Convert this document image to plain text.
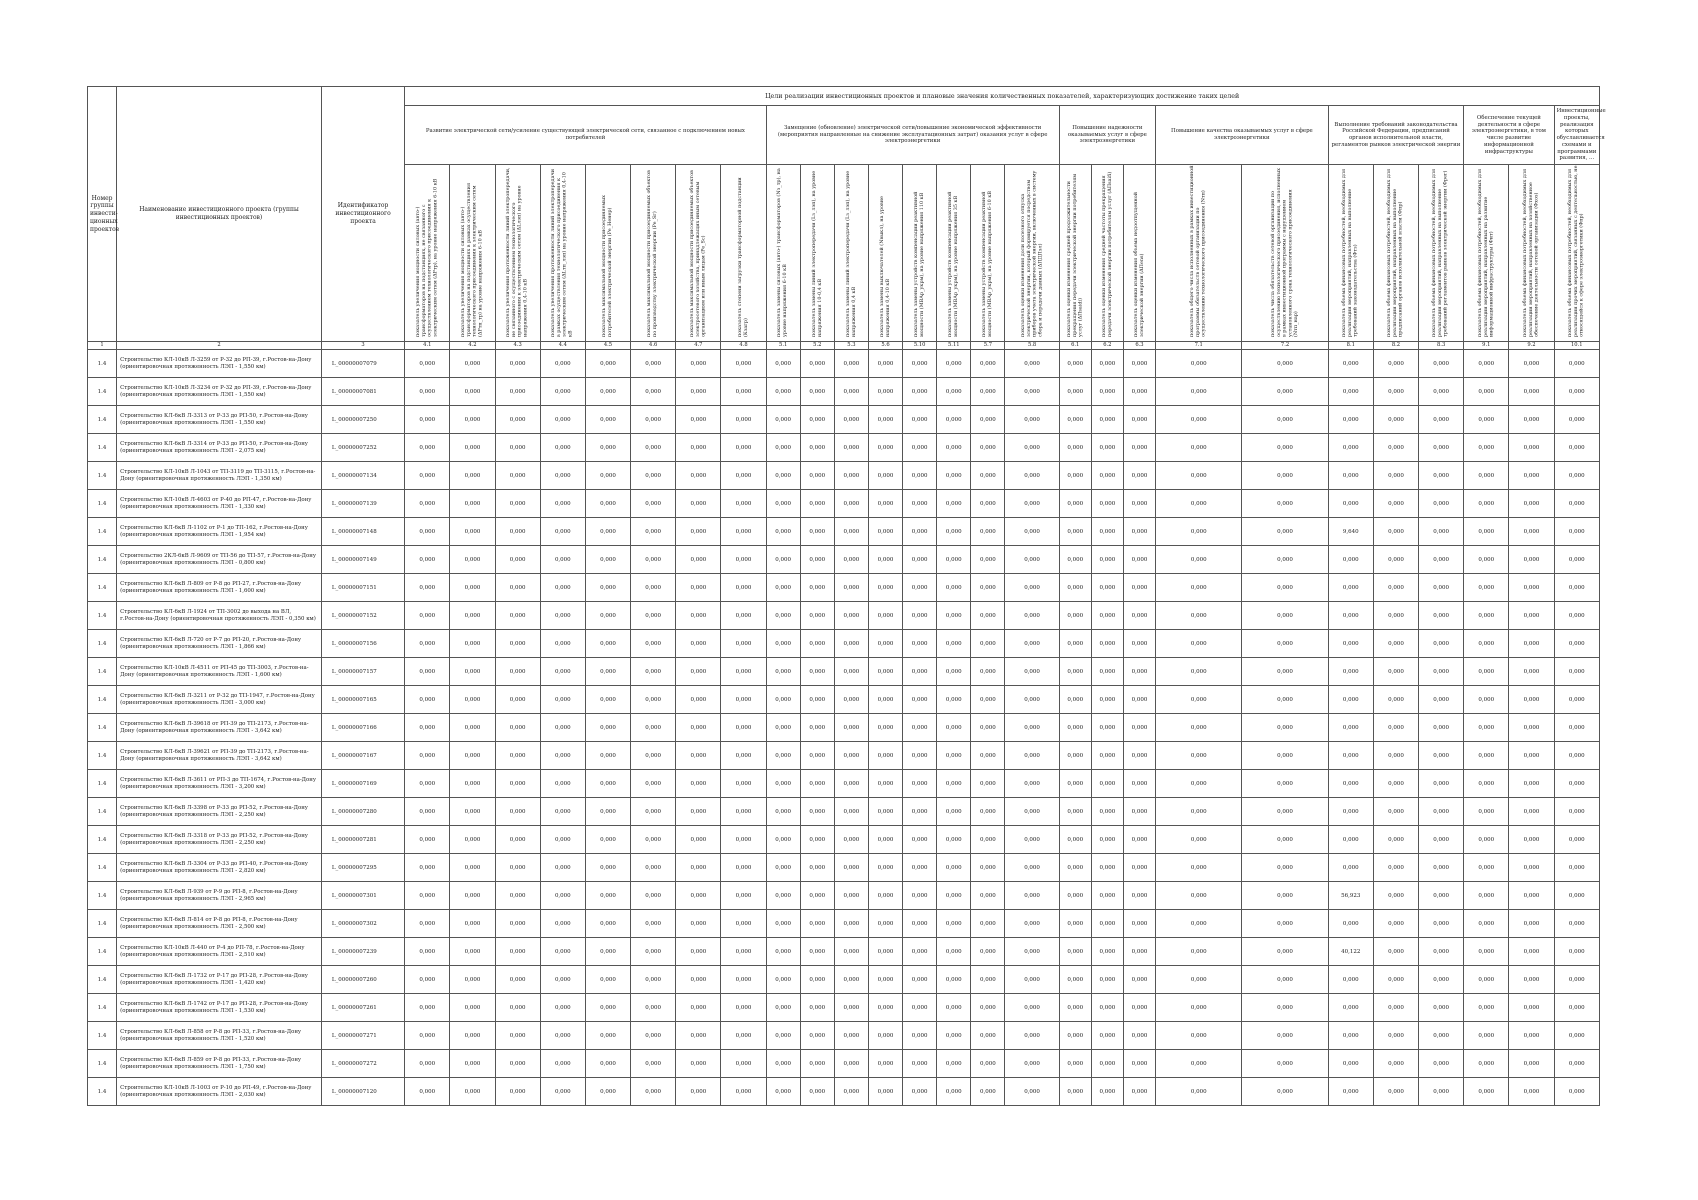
Номер группы инвести-ционных проектов	Наименование инвестиционного проекта (группы инвестиционных проектов)	Идентификатор инвестиционного проекта	Цели реализации инвестиционных проектов и плановые значения количественных показателей, характеризующих достижение таких целей																										
			Развитие электрической сети/усиление существующей электрической сети, связанное с подключением новых потребителей								Замещение (обновление) электрической сети/повышение экономической эффективности (мероприятия направленные на снижение эксплуатационных затрат) оказания услуг в сфере электроэнергетики								Повышение надежности оказываемых услуг в сфере электроэнергетики			Повышение качества оказываемых услуг в сфере электроэнергетики		Выполнение требований законодательства Российской Федерации, предписаний органов исполнительной власти, регламентов рынков электрической энергии			Обеспечение текущей деятельности в сфере электроэнергетики, в том числе развитие информационной инфраструктуры		Инвестиционные проекты, реализация которых обуславливается схемами и программами развития, ...
			показатель увеличения мощности силовых (авто-) трансформаторов на подстанциях, не связанного с осуществлением технологического присоединения к электрическим сетям (ΔPтр), на уровне напряжения 6-10 кВ	показатель увеличения мощности силовых (авто-) трансформаторов на подстанциях в рамках осуществления технологического присоединения к электрическим сетям (ΔPтп_тр) на уровне напряжения 6-10 кВ	показатель увеличения протяженности линий электропередачи, не связанного с осуществлением технологического присоединения к электрическим сетям (ΔLлэп) на уровне напряжения 0,4-10 кВ	показатель увеличения протяженности линий электропередачи в рамках осуществления технологического присоединения к электрическим сетям (ΔLтп_лэп) на уровне напряжения 0,4-10 кВ	показатель максимальной мощности присоединяемых потребителей электрической энергии (Pe_Ненер)	показатель максимальной мощности присоединяемых объектов по производству электрической энергии (Pe_Sг)	показатель максимальной мощности присоединяемых объектов электросетевого хозяйства, принадлежащих иным сетевым организациям или иным лицам (Pe_Sс)	показатель степени загрузки трансформаторной подстанции (Кзагр)	показатель замены силовых (авто-) трансформаторов (Nз_тр), на уровне напряжения 6-10 кВ	показатель замены линий электропередачи (Lз_лэп), на уровне напряжения 10-0,4 кВ	показатель замены линий электропередачи (Lз_лэп), на уровне напряжения 0,4 кВ	показатель замены выключателей (Nвыкл), на уровне напряжения 0,4-10 кВ	показатель замены устройств компенсации реактивной мощности (MBАр_укрм), на уровне напряжения 110 кВ	показатель замены устройств компенсации реактивной мощности (MBАр_укрм), на уровне напряжения 35 кВ	показатель замены устройств компенсации реактивной мощности (MBАр_укрм), на уровне напряжения 6-10 кВ	показатель оценки изменения доли полезного отпуска электрической энергии, который формируется посредством приборов учета электрической энергии, включенных в систему сбора и передачи данных (ΔПДПэл)	показатель оценки изменения средней продолжительности прекращения передачи электрической энергии потребителям услуг (ΔПsaidi)	показатель оценки изменения средней частоты прекращения передачи электрической энергии потребителям услуг (ΔПsaifi)	показатель оценки изменения объема недоотпущенной электрической энергии (ΔПens)	показатель общего числа исполненных в рамках инвестиционной программы обязательств сетевой организации по осуществлению технологического присоединения (Nтп)	показатель числа обязательств сетевой организации по осуществлению технологического присоединения, исполненных в рамках инвестиционной программы с нарушением установленного срока технологического присоединения (Nтп_нар)	показатель объема финансовых потребностей, необходимых для реализации мероприятий, направленных на выполнение требований законодательства (Фтз)	показатель объема финансовых потребностей, необходимых для реализации мероприятий, направленных на выполнение предписаний органов исполнительной власти (Фпр)	показатель объема финансовых потребностей, необходимых для реализации мероприятий, направленных на выполнение требований регламентов рынков электрической энергии (Фрег)	показатель объема финансовых потребностей, необходимых для реализации мероприятий, направленных на развитие информационной инфраструктуры (Фит)	показатель объема финансовых потребностей, необходимых для реализации мероприятий, направленных на хозяйственное обеспечение деятельности сетевой организации (Фхоз)	показатель объема финансовых потребностей, необходимых для реализации прочих мероприятий, связанных с деятельностью, не относящейся к сфере электроэнергетики (Фпр)
1	2	3	4.1	4.2	4.3	4.4	4.5	4.6	4.7	4.8	5.1	5.2	5.3	5.6	5.10	5.11	5.7	5.8	6.1	6.2	6.3	7.1	7.2	8.1	8.2	8.3	9.1	9.2	10.1
1.4	Строительство КЛ-10кВ Л-3259 от Р-32 до РП-39, г.Ростов-на-Дону (ориентировочная протяженность ЛЭП - 1,550 км)	L_00000007079	0,000	0,000	0,000	0,000	0,000	0,000	0,000	0,000	0,000	0,000	0,000	0,000	0,000	0,000	0,000	0,000	0,000	0,000	0,000	0,000	0,000	0,000	0,000	0,000	0,000	0,000	0,000
1.4	Строительство КЛ-10кВ Л-3234 от Р-32 до РП-39, г.Ростов-на-Дону (ориентировочная протяженность ЛЭП - 1,550 км)	L_00000007081	0,000	0,000	0,000	0,000	0,000	0,000	0,000	0,000	0,000	0,000	0,000	0,000	0,000	0,000	0,000	0,000	0,000	0,000	0,000	0,000	0,000	0,000	0,000	0,000	0,000	0,000	0,000
1.4	Строительство КЛ-6кВ Л-3313 от Р-33 до РП-50, г.Ростов-на-Дону (ориентировочная протяженность ЛЭП - 1,550 км)	L_00000007250	0,000	0,000	0,000	0,000	0,000	0,000	0,000	0,000	0,000	0,000	0,000	0,000	0,000	0,000	0,000	0,000	0,000	0,000	0,000	0,000	0,000	0,000	0,000	0,000	0,000	0,000	0,000
1.4	Строительство КЛ-6кВ Л-3314 от Р-33 до РП-50, г.Ростов-на-Дону (ориентировочная протяженность ЛЭП - 2,075 км)	L_00000007252	0,000	0,000	0,000	0,000	0,000	0,000	0,000	0,000	0,000	0,000	0,000	0,000	0,000	0,000	0,000	0,000	0,000	0,000	0,000	0,000	0,000	0,000	0,000	0,000	0,000	0,000	0,000
1.4	Строительство КЛ-10кВ Л-1043 от ТП-3119 до ТП-3115, г.Ростов-на-Дону (ориентировочная протяженность ЛЭП - 1,350 км)	L_00000007134	0,000	0,000	0,000	0,000	0,000	0,000	0,000	0,000	0,000	0,000	0,000	0,000	0,000	0,000	0,000	0,000	0,000	0,000	0,000	0,000	0,000	0,000	0,000	0,000	0,000	0,000	0,000
1.4	Строительство КЛ-10кВ Л-4603 от Р-40 до РП-47, г.Ростов-на-Дону (ориентировочная протяженность ЛЭП - 1,330 км)	L_00000007139	0,000	0,000	0,000	0,000	0,000	0,000	0,000	0,000	0,000	0,000	0,000	0,000	0,000	0,000	0,000	0,000	0,000	0,000	0,000	0,000	0,000	0,000	0,000	0,000	0,000	0,000	0,000
1.4	Строительство КЛ-6кВ Л-1102 от Р-1 до ТП-162, г.Ростов-на-Дону (ориентировочная протяженность ЛЭП - 1,954 км)	L_00000007148	0,000	0,000	0,000	0,000	0,000	0,000	0,000	0,000	0,000	0,000	0,000	0,000	0,000	0,000	0,000	0,000	0,000	0,000	0,000	0,000	0,000	9,640	0,000	0,000	0,000	0,000	0,000
1.4	Строительство 2КЛ-6кВ Л-9609 от ТП-56 до ТП-57, г.Ростов-на-Дону (ориентировочная протяженность ЛЭП - 0,800 км)	L_00000007149	0,000	0,000	0,000	0,000	0,000	0,000	0,000	0,000	0,000	0,000	0,000	0,000	0,000	0,000	0,000	0,000	0,000	0,000	0,000	0,000	0,000	0,000	0,000	0,000	0,000	0,000	0,000
1.4	Строительство КЛ-6кВ Л-809 от Р-8 до РП-27, г.Ростов-на-Дону (ориентировочная протяженность ЛЭП - 1,600 км)	L_00000007151	0,000	0,000	0,000	0,000	0,000	0,000	0,000	0,000	0,000	0,000	0,000	0,000	0,000	0,000	0,000	0,000	0,000	0,000	0,000	0,000	0,000	0,000	0,000	0,000	0,000	0,000	0,000
1.4	Строительство КЛ-6кВ Л-1924 от ТП-3002 до выхода на ВЛ, г.Ростов-на-Дону (ориентировочная протяженность ЛЭП - 0,350 км)	L_00000007152	0,000	0,000	0,000	0,000	0,000	0,000	0,000	0,000	0,000	0,000	0,000	0,000	0,000	0,000	0,000	0,000	0,000	0,000	0,000	0,000	0,000	0,000	0,000	0,000	0,000	0,000	0,000
1.4	Строительство КЛ-6кВ Л-720 от Р-7 до РП-20, г.Ростов-на-Дону (ориентировочная протяженность ЛЭП - 1,866 км)	L_00000007156	0,000	0,000	0,000	0,000	0,000	0,000	0,000	0,000	0,000	0,000	0,000	0,000	0,000	0,000	0,000	0,000	0,000	0,000	0,000	0,000	0,000	0,000	0,000	0,000	0,000	0,000	0,000
1.4	Строительство КЛ-10кВ Л-4511 от РП-45 до ТП-3003, г.Ростов-на-Дону (ориентировочная протяженность ЛЭП - 1,600 км)	L_00000007157	0,000	0,000	0,000	0,000	0,000	0,000	0,000	0,000	0,000	0,000	0,000	0,000	0,000	0,000	0,000	0,000	0,000	0,000	0,000	0,000	0,000	0,000	0,000	0,000	0,000	0,000	0,000
1.4	Строительство КЛ-6кВ Л-3211 от Р-32 до ТП-1947, г.Ростов-на-Дону (ориентировочная протяженность ЛЭП - 3,000 км)	L_00000007165	0,000	0,000	0,000	0,000	0,000	0,000	0,000	0,000	0,000	0,000	0,000	0,000	0,000	0,000	0,000	0,000	0,000	0,000	0,000	0,000	0,000	0,000	0,000	0,000	0,000	0,000	0,000
1.4	Строительство КЛ-6кВ Л-39618 от РП-39 до ТП-2173, г.Ростов-на-Дону (ориентировочная протяженность ЛЭП - 3,642 км)	L_00000007166	0,000	0,000	0,000	0,000	0,000	0,000	0,000	0,000	0,000	0,000	0,000	0,000	0,000	0,000	0,000	0,000	0,000	0,000	0,000	0,000	0,000	0,000	0,000	0,000	0,000	0,000	0,000
1.4	Строительство КЛ-6кВ Л-39621 от РП-39 до ТП-2173, г.Ростов-на-Дону (ориентировочная протяженность ЛЭП - 3,642 км)	L_00000007167	0,000	0,000	0,000	0,000	0,000	0,000	0,000	0,000	0,000	0,000	0,000	0,000	0,000	0,000	0,000	0,000	0,000	0,000	0,000	0,000	0,000	0,000	0,000	0,000	0,000	0,000	0,000
1.4	Строительство КЛ-6кВ Л-3611 от РП-3 до ТП-1674, г.Ростов-на-Дону (ориентировочная протяженность ЛЭП - 3,200 км)	L_00000007169	0,000	0,000	0,000	0,000	0,000	0,000	0,000	0,000	0,000	0,000	0,000	0,000	0,000	0,000	0,000	0,000	0,000	0,000	0,000	0,000	0,000	0,000	0,000	0,000	0,000	0,000	0,000
1.4	Строительство КЛ-6кВ Л-3398 от Р-33 до РП-52, г.Ростов-на-Дону (ориентировочная протяженность ЛЭП - 2,250 км)	L_00000007280	0,000	0,000	0,000	0,000	0,000	0,000	0,000	0,000	0,000	0,000	0,000	0,000	0,000	0,000	0,000	0,000	0,000	0,000	0,000	0,000	0,000	0,000	0,000	0,000	0,000	0,000	0,000
1.4	Строительство КЛ-6кВ Л-3318 от Р-33 до РП-52, г.Ростов-на-Дону (ориентировочная протяженность ЛЭП - 2,250 км)	L_00000007281	0,000	0,000	0,000	0,000	0,000	0,000	0,000	0,000	0,000	0,000	0,000	0,000	0,000	0,000	0,000	0,000	0,000	0,000	0,000	0,000	0,000	0,000	0,000	0,000	0,000	0,000	0,000
1.4	Строительство КЛ-6кВ Л-3304 от Р-33 до РП-40, г.Ростов-на-Дону (ориентировочная протяженность ЛЭП - 2,820 км)	L_00000007295	0,000	0,000	0,000	0,000	0,000	0,000	0,000	0,000	0,000	0,000	0,000	0,000	0,000	0,000	0,000	0,000	0,000	0,000	0,000	0,000	0,000	0,000	0,000	0,000	0,000	0,000	0,000
1.4	Строительство КЛ-6кВ Л-939 от Р-9 до РП-8, г.Ростов-на-Дону (ориентировочная протяженность ЛЭП - 2,965 км)	L_00000007301	0,000	0,000	0,000	0,000	0,000	0,000	0,000	0,000	0,000	0,000	0,000	0,000	0,000	0,000	0,000	0,000	0,000	0,000	0,000	0,000	0,000	56,923	0,000	0,000	0,000	0,000	0,000
1.4	Строительство КЛ-6кВ Л-814 от Р-8 до РП-8, г.Ростов-на-Дону (ориентировочная протяженность ЛЭП - 2,500 км)	L_00000007302	0,000	0,000	0,000	0,000	0,000	0,000	0,000	0,000	0,000	0,000	0,000	0,000	0,000	0,000	0,000	0,000	0,000	0,000	0,000	0,000	0,000	0,000	0,000	0,000	0,000	0,000	0,000
1.4	Строительство КЛ-10кВ Л-440 от Р-4 до РП-78, г.Ростов-на-Дону (ориентировочная протяженность ЛЭП - 2,510 км)	L_00000007239	0,000	0,000	0,000	0,000	0,000	0,000	0,000	0,000	0,000	0,000	0,000	0,000	0,000	0,000	0,000	0,000	0,000	0,000	0,000	0,000	0,000	40,122	0,000	0,000	0,000	0,000	0,000
1.4	Строительство КЛ-6кВ Л-1732 от Р-17 до РП-28, г.Ростов-на-Дону (ориентировочная протяженность ЛЭП - 1,420 км)	L_00000007260	0,000	0,000	0,000	0,000	0,000	0,000	0,000	0,000	0,000	0,000	0,000	0,000	0,000	0,000	0,000	0,000	0,000	0,000	0,000	0,000	0,000	0,000	0,000	0,000	0,000	0,000	0,000
1.4	Строительство КЛ-6кВ Л-1742 от Р-17 до РП-28, г.Ростов-на-Дону (ориентировочная протяженность ЛЭП - 1,530 км)	L_00000007261	0,000	0,000	0,000	0,000	0,000	0,000	0,000	0,000	0,000	0,000	0,000	0,000	0,000	0,000	0,000	0,000	0,000	0,000	0,000	0,000	0,000	0,000	0,000	0,000	0,000	0,000	0,000
1.4	Строительство КЛ-6кВ Л-858 от Р-8 до РП-33, г.Ростов-на-Дону (ориентировочная протяженность ЛЭП - 1,520 км)	L_00000007271	0,000	0,000	0,000	0,000	0,000	0,000	0,000	0,000	0,000	0,000	0,000	0,000	0,000	0,000	0,000	0,000	0,000	0,000	0,000	0,000	0,000	0,000	0,000	0,000	0,000	0,000	0,000
1.4	Строительство КЛ-6кВ Л-859 от Р-8 до РП-33, г.Ростов-на-Дону (ориентировочная протяженность ЛЭП - 1,750 км)	L_00000007272	0,000	0,000	0,000	0,000	0,000	0,000	0,000	0,000	0,000	0,000	0,000	0,000	0,000	0,000	0,000	0,000	0,000	0,000	0,000	0,000	0,000	0,000	0,000	0,000	0,000	0,000	0,000
1.4	Строительство КЛ-10кВ Л-1003 от Р-10 до РП-49, г.Ростов-на-Дону (ориентировочная протяженность ЛЭП - 2,030 км)	L_00000007120	0,000	0,000	0,000	0,000	0,000	0,000	0,000	0,000	0,000	0,000	0,000	0,000	0,000	0,000	0,000	0,000	0,000	0,000	0,000	0,000	0,000	0,000	0,000	0,000	0,000	0,000	0,000
